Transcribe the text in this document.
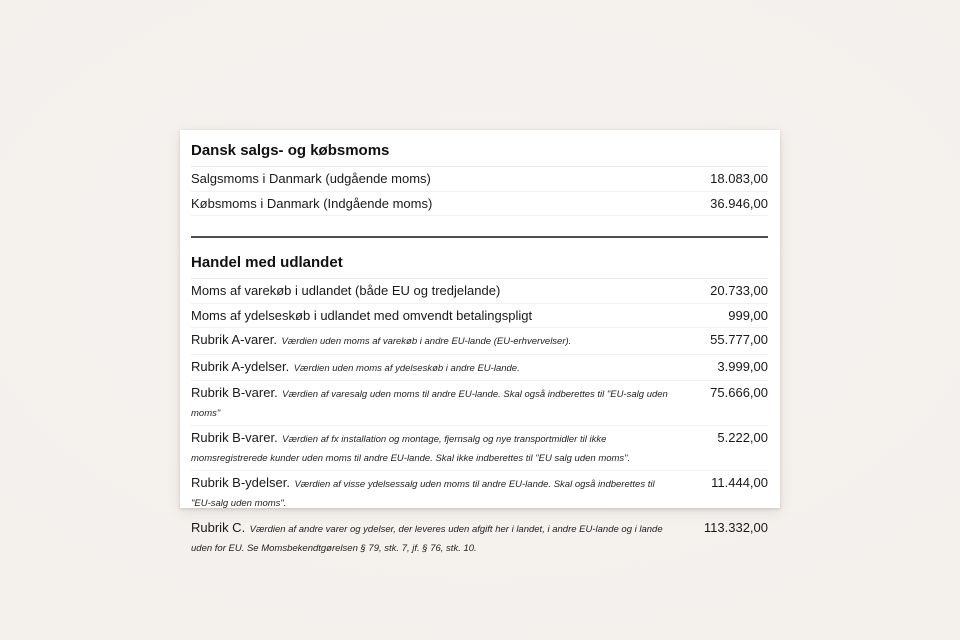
Dansk salgs- og købsmoms
Salgsmoms i Danmark (udgående moms)	18.083,00
Købsmoms i Danmark (Indgående moms)	36.946,00
Handel med udlandet
Moms af varekøb i udlandet (både EU og tredjelande)	20.733,00
Moms af ydelseskøb i udlandet med omvendt betalingspligt	999,00
Rubrik A-varer. Værdien uden moms af varekøb i andre EU-lande (EU-erhvervelser).	55.777,00
Rubrik A-ydelser. Værdien uden moms af ydelseskøb i andre EU-lande.	3.999,00
Rubrik B-varer. Værdien af varesalg uden moms til andre EU-lande. Skal også indberettes til "EU-salg uden moms"
75.666,00
Rubrik B-varer. Værdien af fx installation og montage, fjernsalg og nye transportmidler til ikke momsregistrerede kunder uden moms til andre EU-lande. Skal ikke indberettes til "EU salg uden moms".
5.222,00
Rubrik B-ydelser. Værdien af visse ydelsessalg uden moms til andre EU-lande. Skal også indberettes til "EU-salg uden moms".
11.444,00
Rubrik C. Værdien af andre varer og ydelser, der leveres uden afgift her i landet, i andre EU-lande og i lande uden for EU. Se Momsbekendtgørelsen § 79, stk. 7, jf. § 76, stk. 10.
113.332,00
